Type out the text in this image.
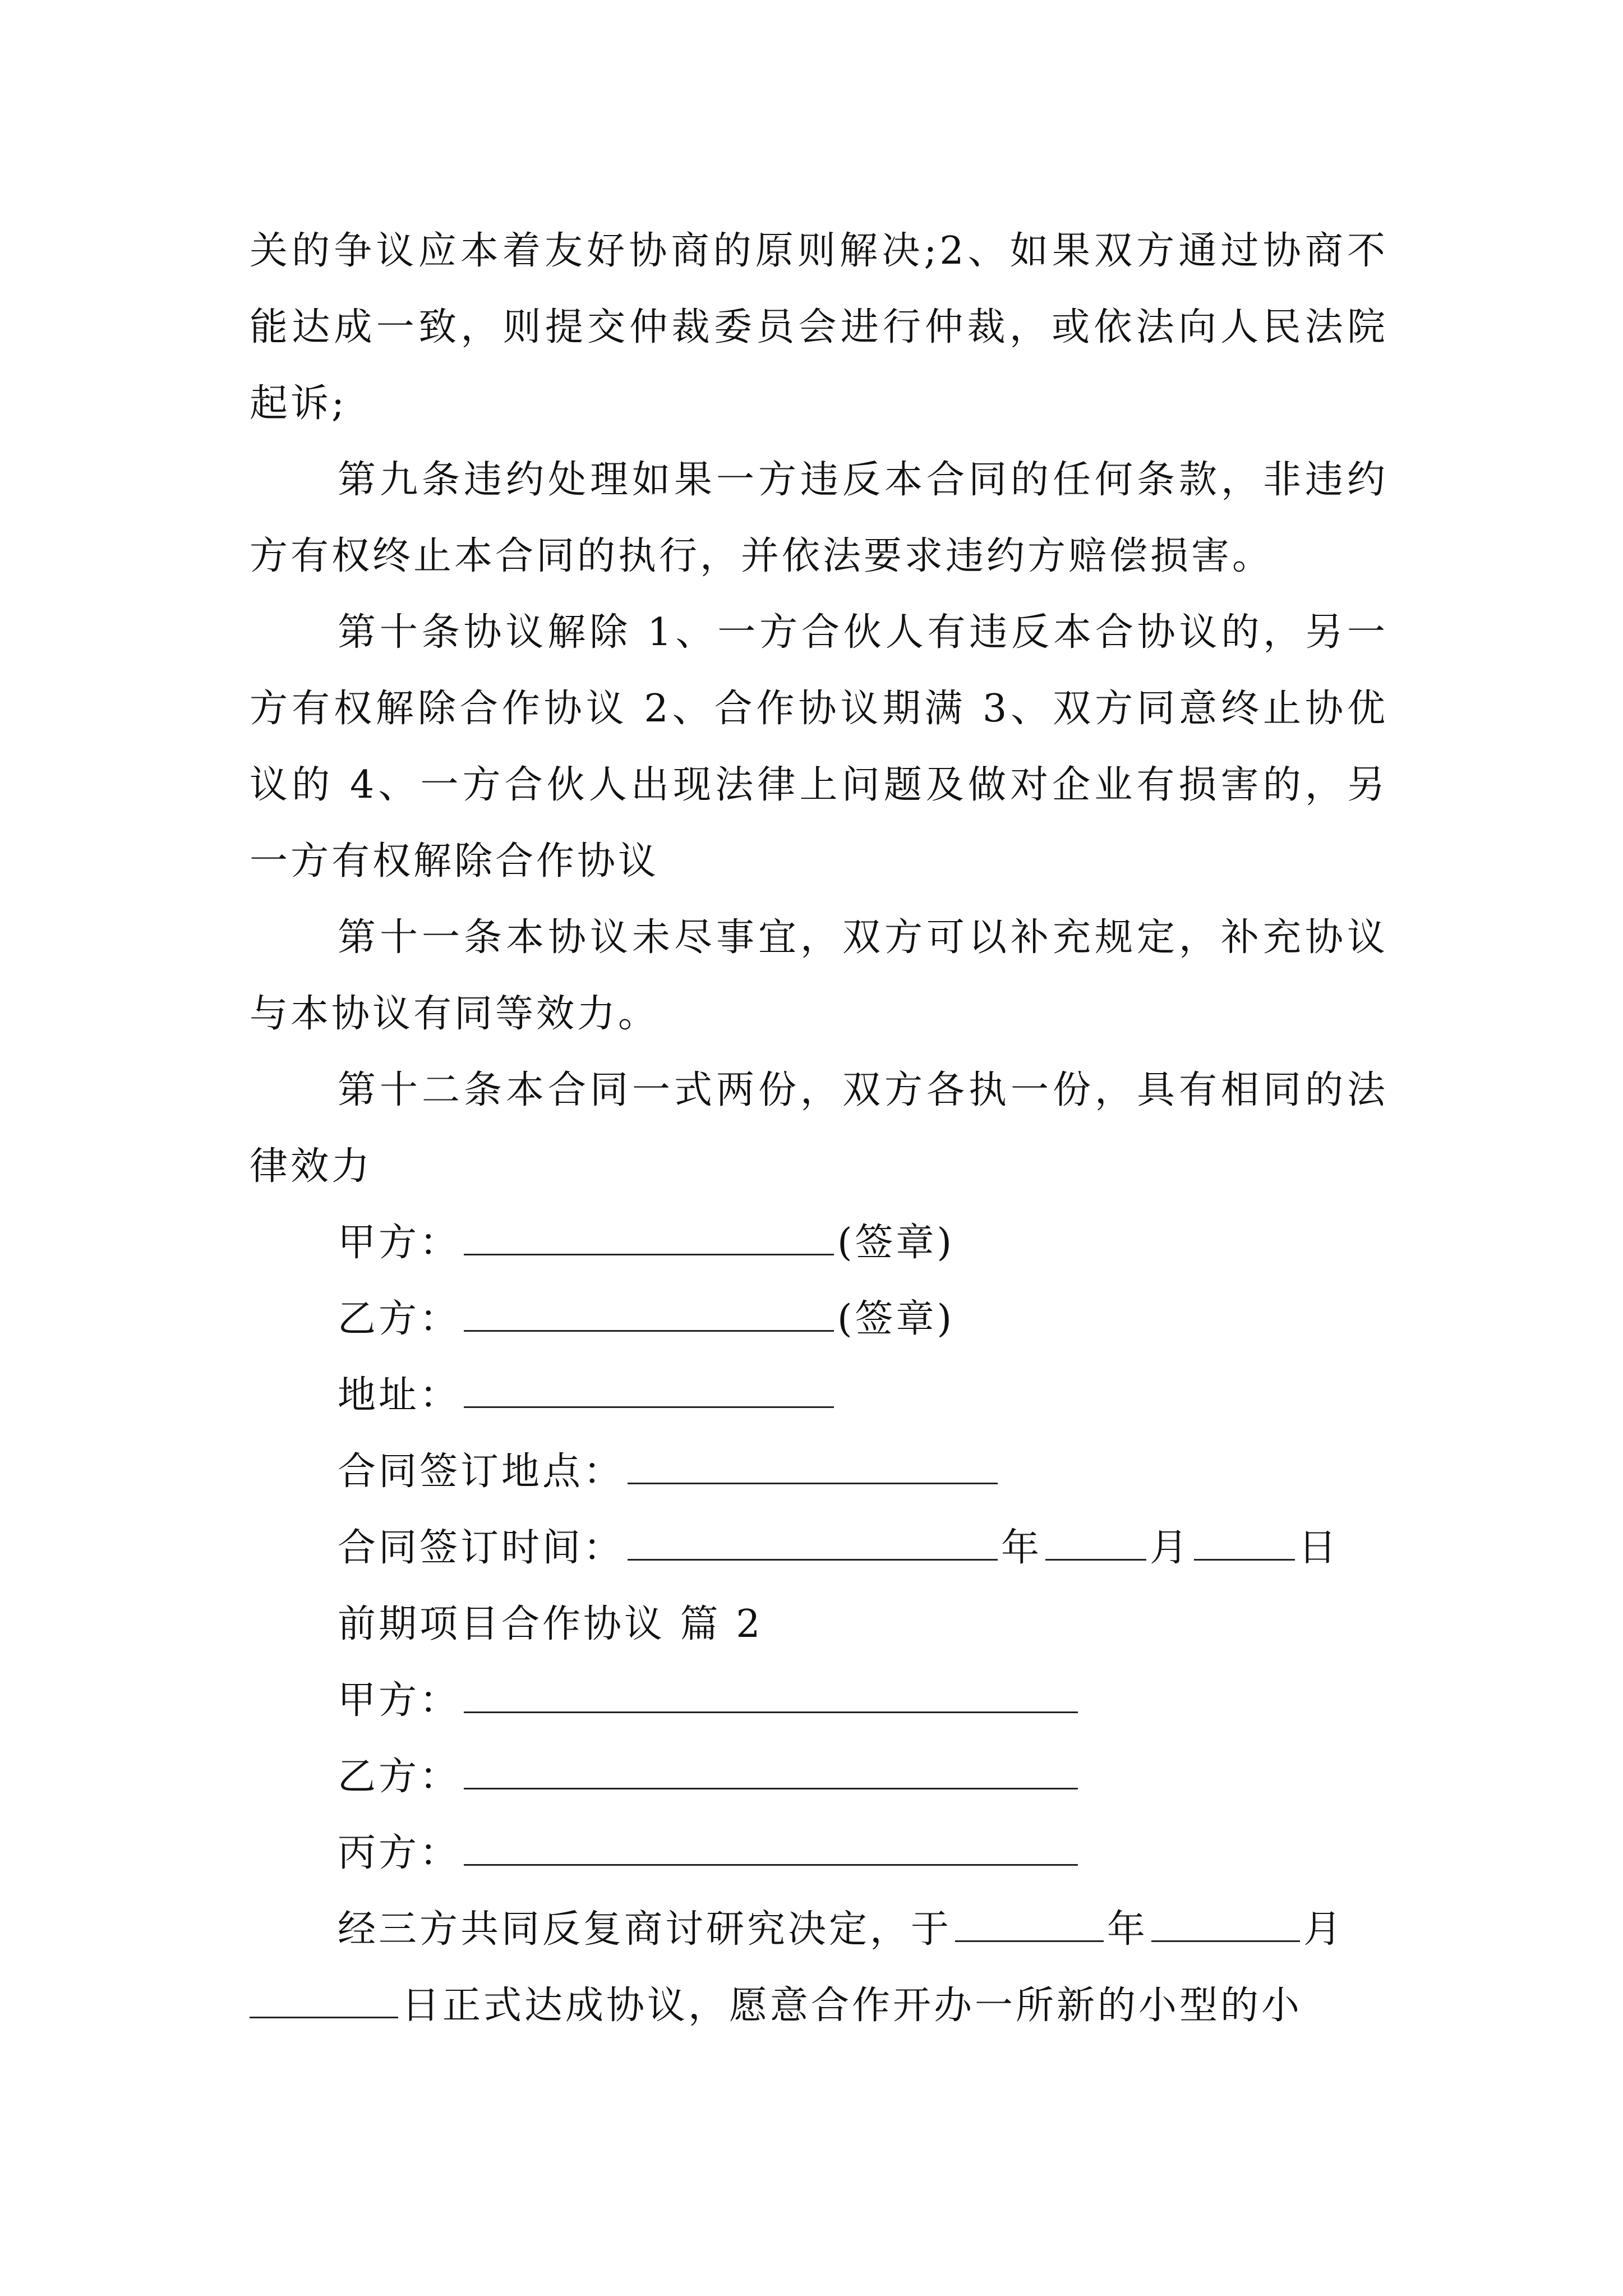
关的争议应本着友好协商的原则解决;2、如果双方通过协商不能达成一致，则提交仲裁委员会进行仲裁，或依法向人民法院起诉;

第九条违约处理如果一方违反本合同的任何条款，非违约方有权终止本合同的执行，并依法要求违约方赔偿损害。

第十条协议解除 1、一方合伙人有违反本合协议的，另一方有权解除合作协议 2、合作协议期满 3、双方同意终止协优议的 4、一方合伙人出现法律上问题及做对企业有损害的，另一方有权解除合作协议

第十一条本协议未尽事宜，双方可以补充规定，补充协议与本协议有同等效力。

第十二条本合同一式两份，双方各执一份，具有相同的法律效力

甲方：	(签章)

乙方：	(签章)

地址：

合同签订地点：

合同签订时间：	年	月	日

前期项目合作协议 篇 2

甲方：

乙方：

丙方：

经三方共同反复商讨研究决定，于	年	月

日正式达成协议，愿意合作开办一所新的小型的小
